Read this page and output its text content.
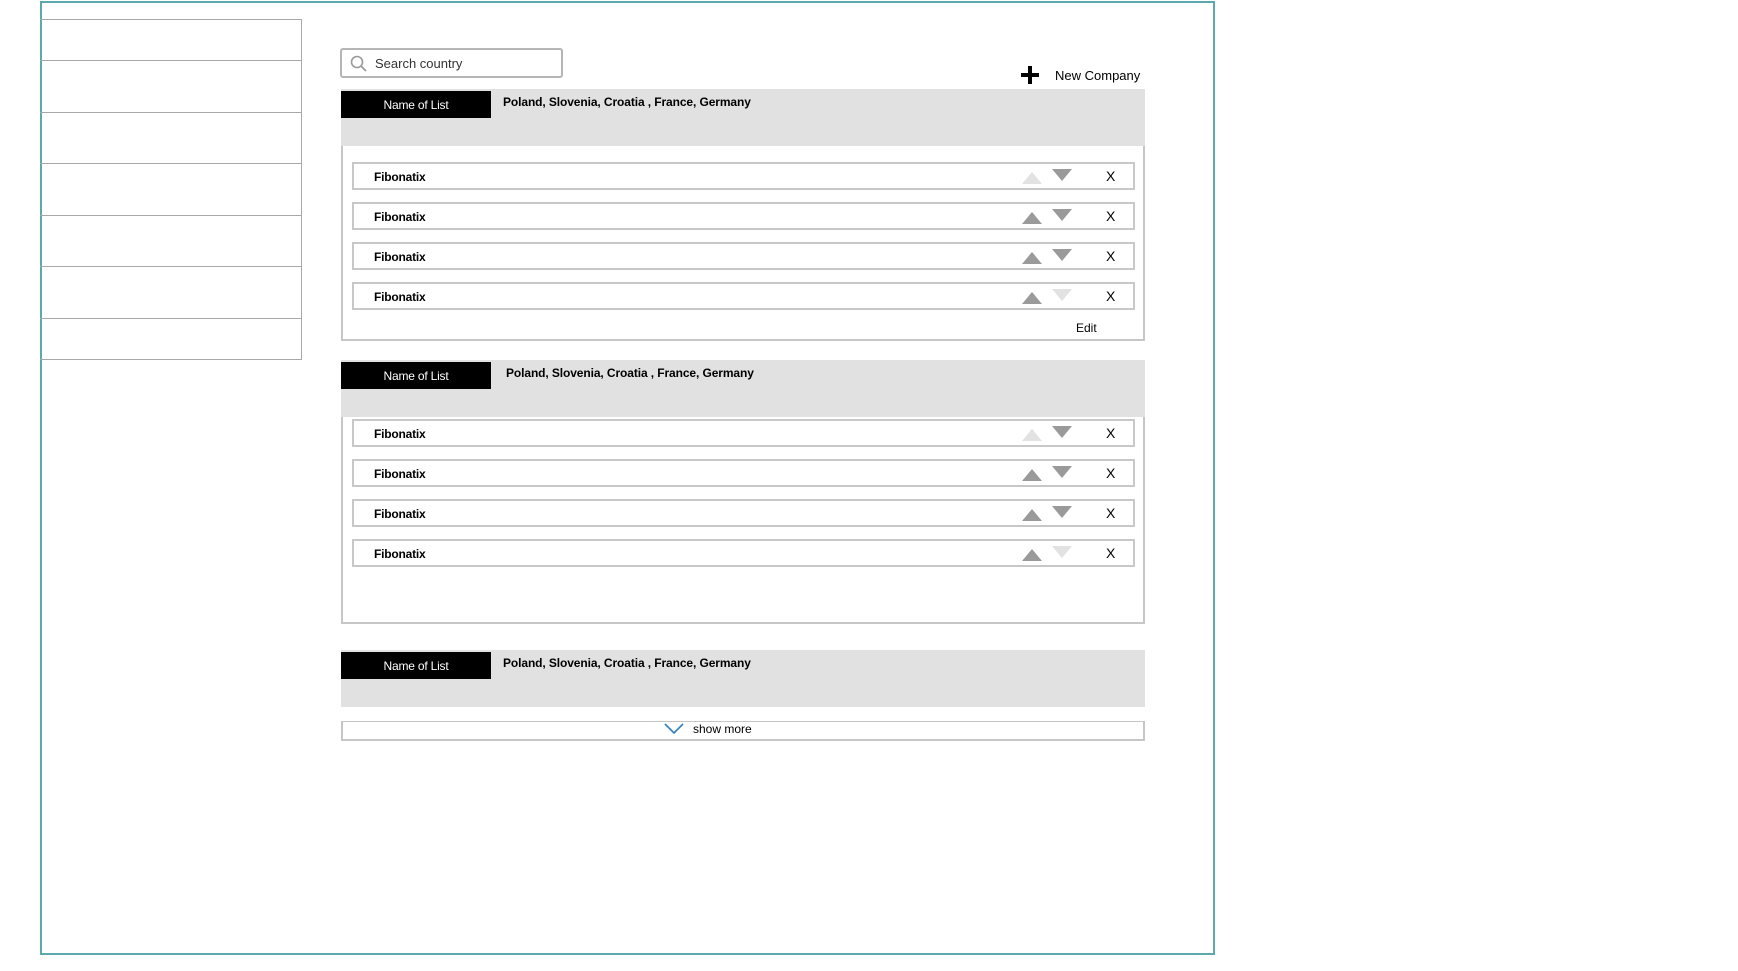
Search country
New Company
Name of List	Poland, Slovenia, Croatia , France, Germany
Fibonatix	X
Fibonatix	X
Fibonatix	X
Fibonatix	X
Edit
Name of List	Poland, Slovenia, Croatia , France, Germany
Fibonatix	X
Fibonatix	X
Fibonatix	X
Fibonatix	X
Name of List	Poland, Slovenia, Croatia , France, Germany
show more
